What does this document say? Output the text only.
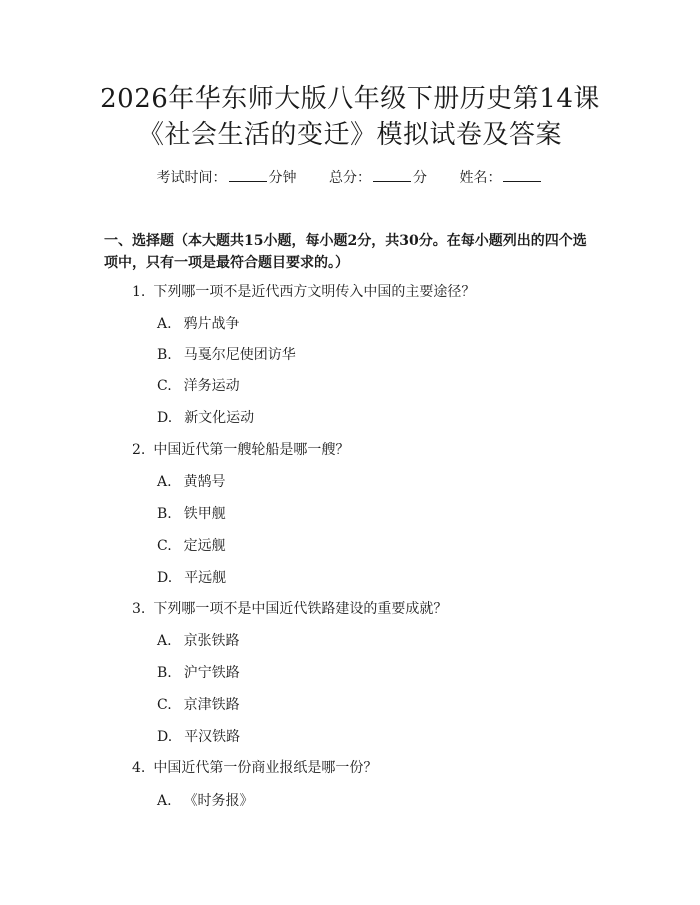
2026年华东师大版八年级下册历史第14课
《社会生活的变迁》模拟试卷及答案
考试时间：	分钟 总分：	分 姓名：
一、选择题（本大题共15小题，每小题2分，共30分。在每小题列出的四个选
项中，只有一项是最符合题目要求的。）
1. 下列哪一项不是近代西方文明传入中国的主要途径？
A. 鸦片战争
B. 马戛尔尼使团访华
C. 洋务运动
D. 新文化运动
2. 中国近代第一艘轮船是哪一艘？
A. 黄鹄号
B. 铁甲舰
C. 定远舰
D. 平远舰
3. 下列哪一项不是中国近代铁路建设的重要成就？
A. 京张铁路
B. 沪宁铁路
C. 京津铁路
D. 平汉铁路
4. 中国近代第一份商业报纸是哪一份？
A. 《时务报》
